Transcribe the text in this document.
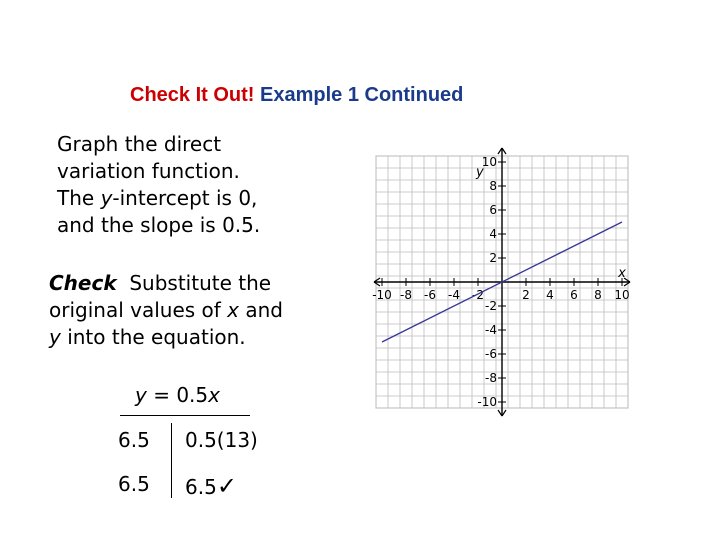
Check It Out! Example 1 Continued
Graph the direct
variation function.
The y-intercept is 0,
and the slope is 0.5.
Check  Substitute the
original values of x and
y into the equation.
y = 0.5x
6.5 0.5(13)
6.5 6.5✓
-10 -8 -6 -4 -2	2 4 6 8 10
10
8
6
4
2
-2
-4
-6
-8
-10
x
y
